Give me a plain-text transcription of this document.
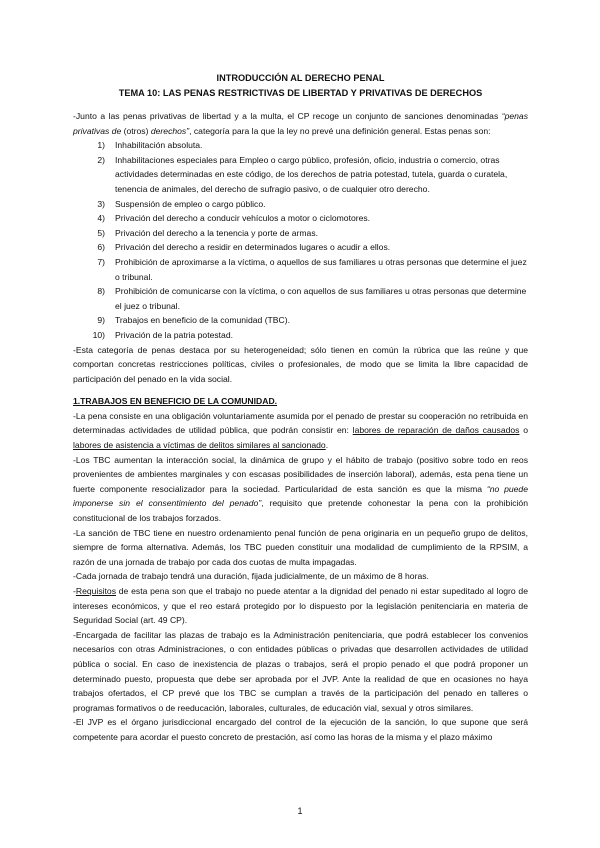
INTRODUCCIÓN AL DERECHO PENAL
TEMA 10: LAS PENAS RESTRICTIVAS DE LIBERTAD Y PRIVATIVAS DE DERECHOS

-Junto a las penas privativas de libertad y a la multa, el CP recoge un conjunto de sanciones denominadas “penas privativas de (otros) derechos”, categoría para la que la ley no prevé una definición general. Estas penas son:

1)	Inhabilitación absoluta.
2)	Inhabilitaciones especiales para Empleo o cargo público, profesión, oficio, industria o comercio, otras actividades determinadas en este código, de los derechos de patria potestad, tutela, guarda o curatela, tenencia de animales, del derecho de sufragio pasivo, o de cualquier otro derecho.
3)	Suspensión de empleo o cargo público.
4)	Privación del derecho a conducir vehículos a motor o ciclomotores.
5)	Privación del derecho a la tenencia y porte de armas.
6)	Privación del derecho a residir en determinados lugares o acudir a ellos.
7)	Prohibición de aproximarse a la víctima, o aquellos de sus familiares u otras personas que determine el juez o tribunal.
8)	Prohibición de comunicarse con la víctima, o con aquellos de sus familiares u otras personas que determine el juez o tribunal.
9)	Trabajos en beneficio de la comunidad (TBC).
10)	Privación de la patria potestad.

-Esta categoría de penas destaca por su heterogeneidad; sólo tienen en común la rúbrica que las reúne y que comportan concretas restricciones políticas, civiles o profesionales, de modo que se limita la libre capacidad de participación del penado en la vida social.

1.TRABAJOS EN BENEFICIO DE LA COMUNIDAD.

-La pena consiste en una obligación voluntariamente asumida por el penado de prestar su cooperación no retribuida en determinadas actividades de utilidad pública, que podrán consistir en: labores de reparación de daños causados o labores de asistencia a víctimas de delitos similares al sancionado.

-Los TBC aumentan la interacción social, la dinámica de grupo y el hábito de trabajo (positivo sobre todo en reos provenientes de ambientes marginales y con escasas posibilidades de inserción laboral), además, esta pena tiene un fuerte componente resocializador para la sociedad. Particularidad de esta sanción es que la misma “no puede imponerse sin el consentimiento del penado”, requisito que pretende cohonestar la pena con la prohibición constitucional de los trabajos forzados.

-La sanción de TBC tiene en nuestro ordenamiento penal función de pena originaria en un pequeño grupo de delitos, siempre de forma alternativa. Además, los TBC pueden constituir una modalidad de cumplimiento de la RPSIM, a razón de una jornada de trabajo por cada dos cuotas de multa impagadas.

-Cada jornada de trabajo tendrá una duración, fijada judicialmente, de un máximo de 8 horas.

-Requisitos de esta pena son que el trabajo no puede atentar a la dignidad del penado ni estar supeditado al logro de intereses económicos, y que el reo estará protegido por lo dispuesto por la legislación penitenciaria en materia de Seguridad Social (art. 49 CP).

-Encargada de facilitar las plazas de trabajo es la Administración penitenciaria, que podrá establecer los convenios necesarios con otras Administraciones, o con entidades públicas o privadas que desarrollen actividades de utilidad pública o social. En caso de inexistencia de plazas o trabajos, será el propio penado el que podrá proponer un determinado puesto, propuesta que debe ser aprobada por el JVP. Ante la realidad de que en ocasiones no haya trabajos ofertados, el CP prevé que los TBC se cumplan a través de la participación del penado en talleres o programas formativos o de reeducación, laborales, culturales, de educación vial, sexual y otros similares.

-El JVP es el órgano jurisdiccional encargado del control de la ejecución de la sanción, lo que supone que será competente para acordar el puesto concreto de prestación, así como las horas de la misma y el plazo máximo

1
